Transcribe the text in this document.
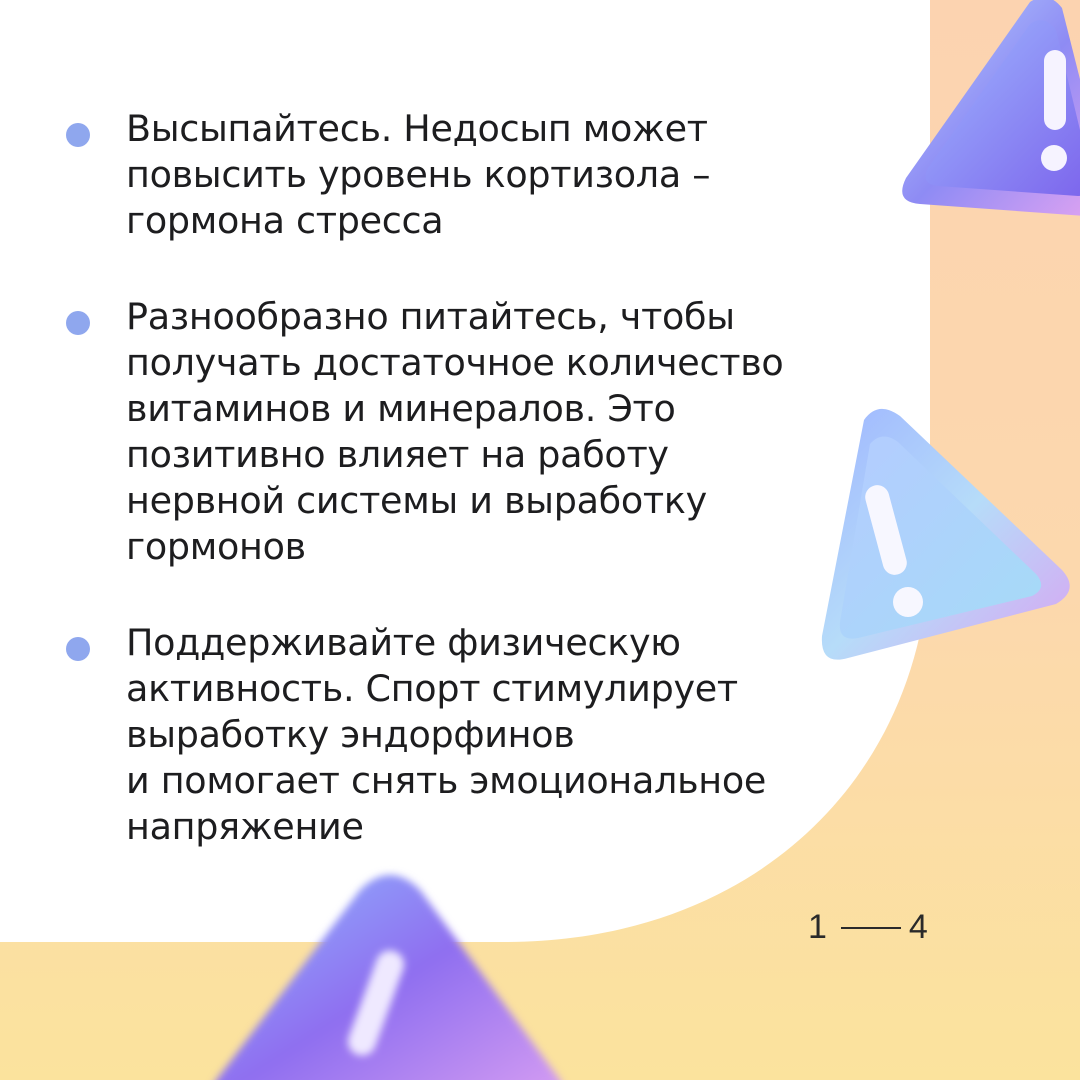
Высыпайтесь. Недосып может
повысить уровень кортизола –
гормона стресса
Разнообразно питайтесь, чтобы
получать достаточное количество
витаминов и минералов. Это
позитивно влияет на работу
нервной системы и выработку
гормонов
Поддерживайте физическую
активность. Спорт стимулирует
выработку эндорфинов
и помогает снять эмоциональное
напряжение
1 4
